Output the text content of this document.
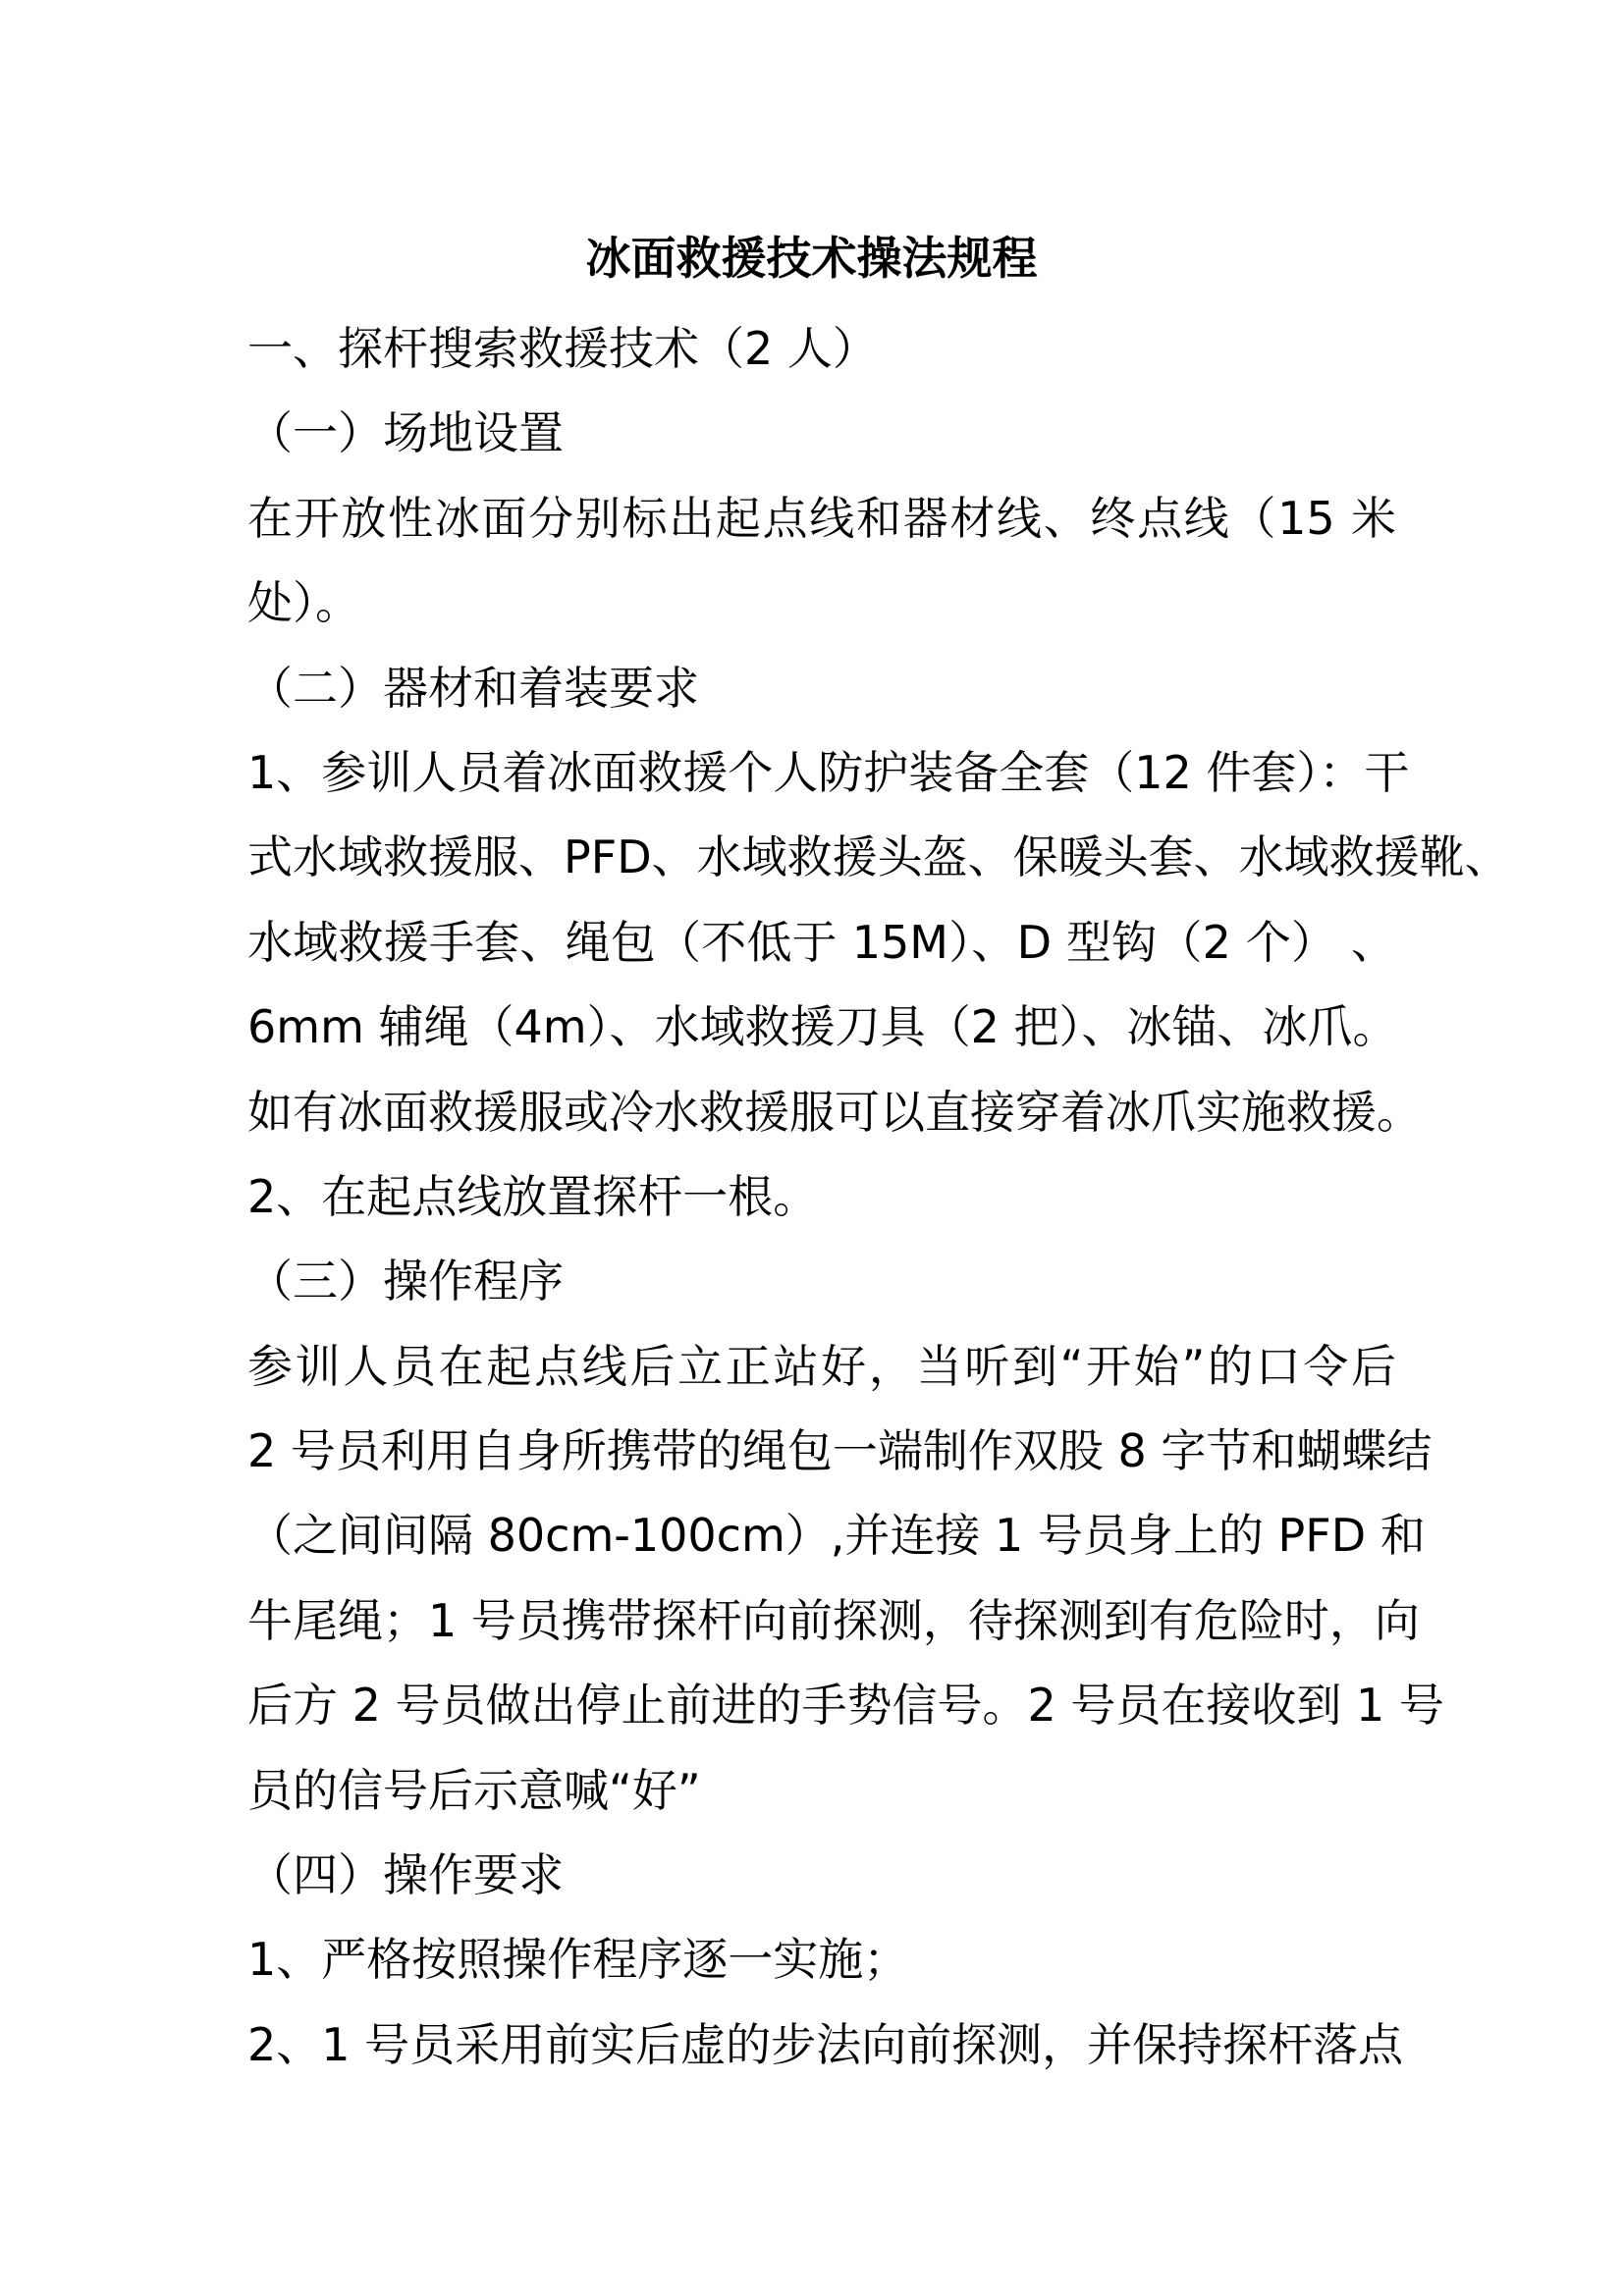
冰面救援技术操法规程
一、探杆搜索救援技术（2 人）
（一）场地设置
在开放性冰面分别标出起点线和器材线、终点线（15 米
处）。
（二）器材和着装要求
1、参训人员着冰面救援个人防护装备全套（12 件套）：干
式水域救援服、PFD、水域救援头盔、保暖头套、水域救援靴、
水域救援手套、绳包（不低于 15M）、D 型钩（2 个） 、
6mm 辅绳（4m）、水域救援刀具（2 把）、冰锚、冰爪。
如有冰面救援服或冷水救援服可以直接穿着冰爪实施救援。
2、在起点线放置探杆一根。
（三）操作程序
参训人员在起点线后立正站好，当听到“开始”的口令后
2 号员利用自身所携带的绳包一端制作双股 8 字节和蝴蝶结
（之间间隔 80cm-100cm）,并连接 1 号员身上的 PFD 和
牛尾绳；1 号员携带探杆向前探测，待探测到有危险时，向
后方 2 号员做出停止前进的手势信号。2 号员在接收到 1 号
员的信号后示意喊“好”
（四）操作要求
1、严格按照操作程序逐一实施；
2、1 号员采用前实后虚的步法向前探测，并保持探杆落点
